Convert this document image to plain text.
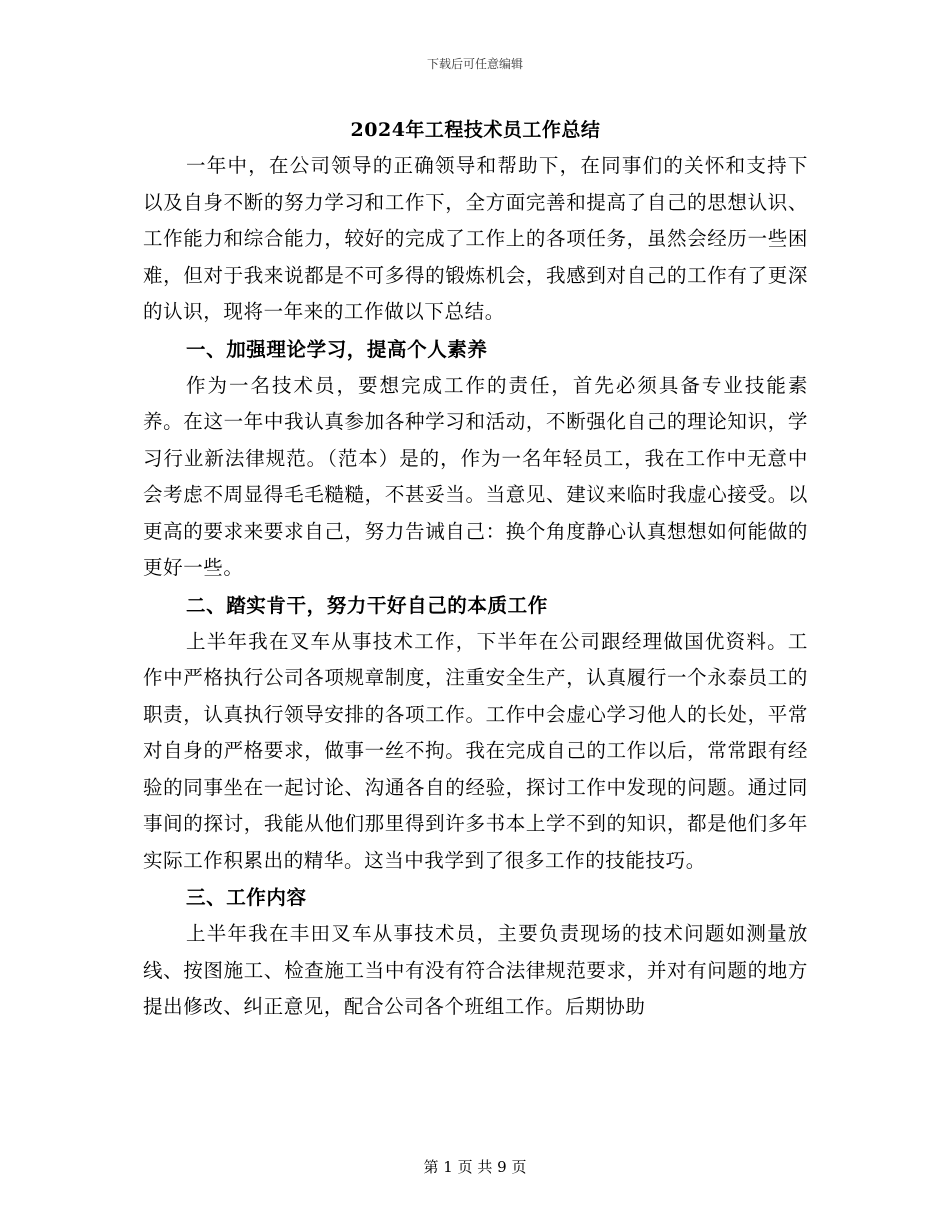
下载后可任意编辑
2024年工程技术员工作总结

一年中，在公司领导的正确领导和帮助下，在同事们的关怀和支持下以及自身不断的努力学习和工作下，全方面完善和提高了自己的思想认识、工作能力和综合能力，较好的完成了工作上的各项任务，虽然会经历一些困难，但对于我来说都是不可多得的锻炼机会，我感到对自己的工作有了更深的认识，现将一年来的工作做以下总结。

一、加强理论学习，提高个人素养

作为一名技术员，要想完成工作的责任，首先必须具备专业技能素养。在这一年中我认真参加各种学习和活动，不断强化自己的理论知识，学习行业新法律规范。（范本）是的，作为一名年轻员工，我在工作中无意中会考虑不周显得毛毛糙糙，不甚妥当。当意见、建议来临时我虚心接受。以更高的要求来要求自己，努力告诫自己：换个角度静心认真想想如何能做的更好一些。

二、踏实肯干，努力干好自己的本质工作

上半年我在叉车从事技术工作，下半年在公司跟经理做国优资料。工作中严格执行公司各项规章制度，注重安全生产，认真履行一个永泰员工的职责，认真执行领导安排的各项工作。工作中会虚心学习他人的长处，平常对自身的严格要求，做事一丝不拘。我在完成自己的工作以后，常常跟有经验的同事坐在一起讨论、沟通各自的经验，探讨工作中发现的问题。通过同事间的探讨，我能从他们那里得到许多书本上学不到的知识，都是他们多年实际工作积累出的精华。这当中我学到了很多工作的技能技巧。

三、工作内容

上半年我在丰田叉车从事技术员，主要负责现场的技术问题如测量放线、按图施工、检查施工当中有没有符合法律规范要求，并对有问题的地方提出修改、纠正意见，配合公司各个班组工作。后期协助

第 1 页 共 9 页
